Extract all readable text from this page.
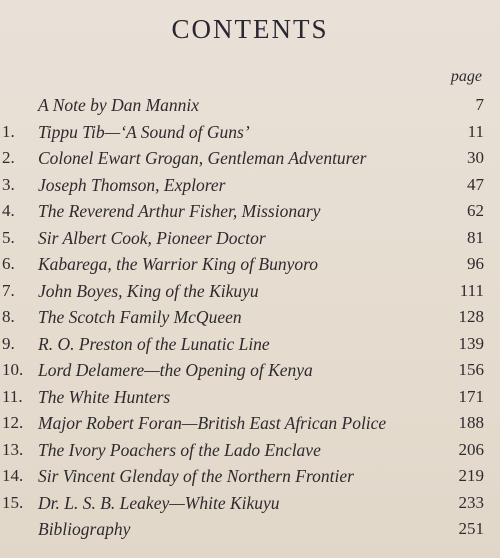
CONTENTS
page
A Note by Dan Mannix	7
1.	Tippu Tib—‘A Sound of Guns’	11
2.	Colonel Ewart Grogan, Gentleman Adventurer	30
3.	Joseph Thomson, Explorer	47
4.	The Reverend Arthur Fisher, Missionary	62
5.	Sir Albert Cook, Pioneer Doctor	81
6.	Kabarega, the Warrior King of Bunyoro	96
7.	John Boyes, King of the Kikuyu	111
8.	The Scotch Family McQueen	128
9.	R. O. Preston of the Lunatic Line	139
10. Lord Delamere—the Opening of Kenya	156
11. The White Hunters	171
12. Major Robert Foran—British East African Police	188
13. The Ivory Poachers of the Lado Enclave	206
14. Sir Vincent Glenday of the Northern Frontier	219
15. Dr. L. S. B. Leakey—White Kikuyu	233
Bibliography	251
